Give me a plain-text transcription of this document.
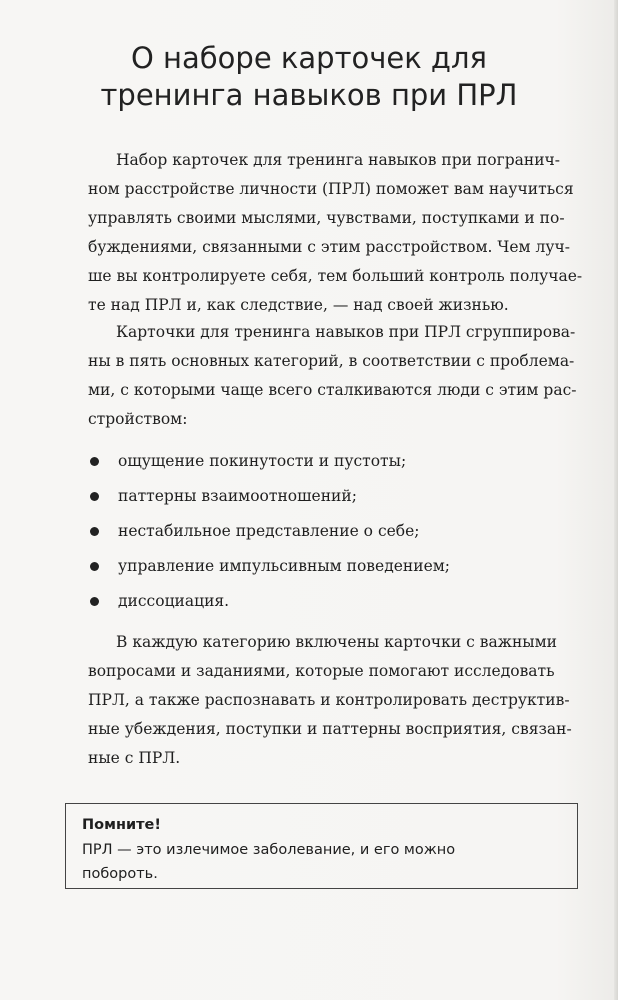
О наборе карточек для
тренинга навыков при ПРЛ

Набор карточек для тренинга навыков при погранич-
ном расстройстве личности (ПРЛ) поможет вам научиться
управлять своими мыслями, чувствами, поступками и по-
буждениями, связанными с этим расстройством. Чем луч-
ше вы контролируете себя, тем больший контроль получае-
те над ПРЛ и, как следствие, — над своей жизнью.

Карточки для тренинга навыков при ПРЛ сгруппирова-
ны в пять основных категорий, в соответствии с проблема-
ми, с которыми чаще всего сталкиваются люди с этим рас-
стройством:

ощущение покинутости и пустоты;
паттерны взаимоотношений;
нестабильное представление о себе;
управление импульсивным поведением;
диссоциация.

В каждую категорию включены карточки с важными
вопросами и заданиями, которые помогают исследовать
ПРЛ, а также распознавать и контролировать деструктив-
ные убеждения, поступки и паттерны восприятия, связан-
ные с ПРЛ.

Помните!
ПРЛ — это излечимое заболевание, и его можно
побороть.
